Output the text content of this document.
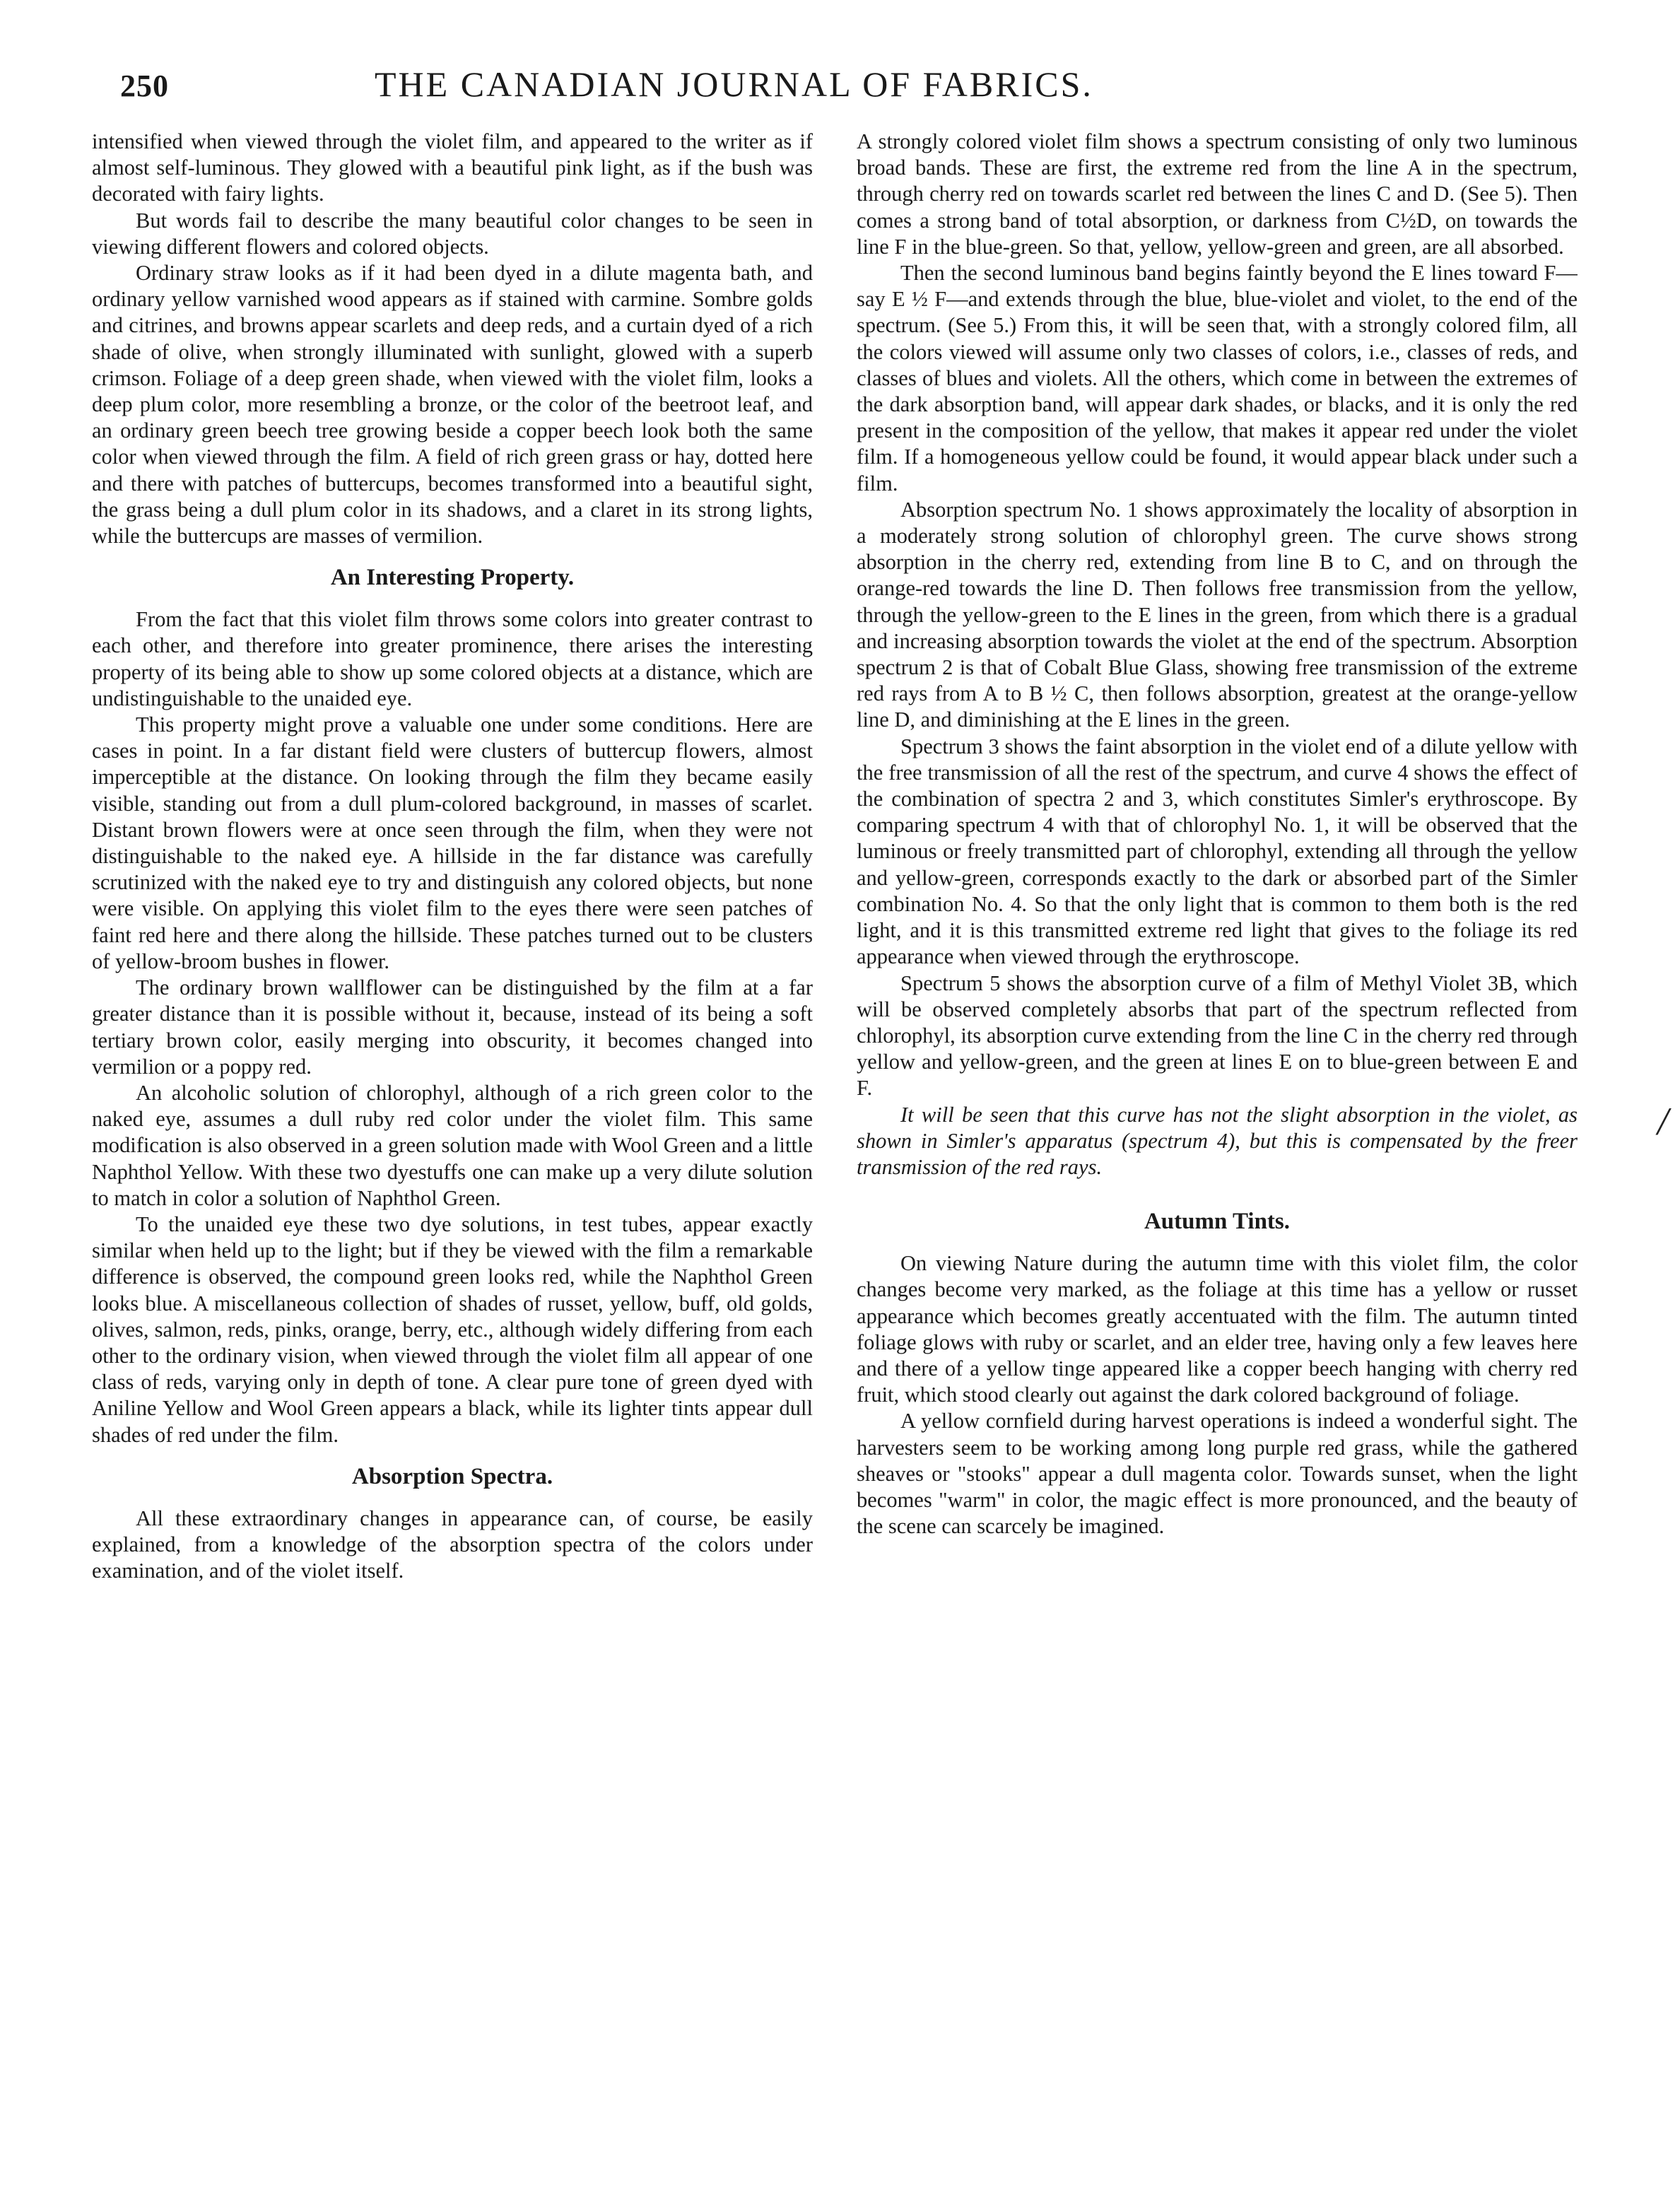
250	THE CANADIAN JOURNAL OF FABRICS.

intensified when viewed through the violet film, and appeared to the writer as if almost self-luminous. They glowed with a beautiful pink light, as if the bush was decorated with fairy lights.

But words fail to describe the many beautiful color changes to be seen in viewing different flowers and colored objects.

Ordinary straw looks as if it had been dyed in a dilute magenta bath, and ordinary yellow varnished wood appears as if stained with carmine. Sombre golds and citrines, and browns appear scarlets and deep reds, and a curtain dyed of a rich shade of olive, when strongly illuminated with sunlight, glowed with a superb crimson. Foliage of a deep green shade, when viewed with the violet film, looks a deep plum color, more resembling a bronze, or the color of the beetroot leaf, and an ordinary green beech tree growing beside a copper beech look both the same color when viewed through the film. A field of rich green grass or hay, dotted here and there with patches of buttercups, becomes transformed into a beautiful sight, the grass being a dull plum color in its shadows, and a claret in its strong lights, while the buttercups are masses of vermilion.

An Interesting Property.

From the fact that this violet film throws some colors into greater contrast to each other, and therefore into greater prominence, there arises the interesting property of its being able to show up some colored objects at a distance, which are undistinguishable to the unaided eye.

This property might prove a valuable one under some conditions. Here are cases in point. In a far distant field were clusters of buttercup flowers, almost imperceptible at the distance. On looking through the film they became easily visible, standing out from a dull plum-colored background, in masses of scarlet. Distant brown flowers were at once seen through the film, when they were not distinguishable to the naked eye. A hillside in the far distance was carefully scrutinized with the naked eye to try and distinguish any colored objects, but none were visible. On applying this violet film to the eyes there were seen patches of faint red here and there along the hillside. These patches turned out to be clusters of yellow-broom bushes in flower.

The ordinary brown wallflower can be distinguished by the film at a far greater distance than it is possible without it, because, instead of its being a soft tertiary brown color, easily merging into obscurity, it becomes changed into vermilion or a poppy red.

An alcoholic solution of chlorophyl, although of a rich green color to the naked eye, assumes a dull ruby red color under the violet film. This same modification is also observed in a green solution made with Wool Green and a little Naphthol Yellow. With these two dyestuffs one can make up a very dilute solution to match in color a solution of Naphthol Green.

To the unaided eye these two dye solutions, in test tubes, appear exactly similar when held up to the light; but if they be viewed with the film a remarkable difference is observed, the compound green looks red, while the Naphthol Green looks blue. A miscellaneous collection of shades of russet, yellow, buff, old golds, olives, salmon, reds, pinks, orange, berry, etc., although widely differing from each other to the ordinary vision, when viewed through the violet film all appear of one class of reds, varying only in depth of tone. A clear pure tone of green dyed with Aniline Yellow and Wool Green appears a black, while its lighter tints appear dull shades of red under the film.

Absorption Spectra.

All these extraordinary changes in appearance can, of course, be easily explained, from a knowledge of the absorption spectra of the colors under examination, and of the violet itself.

A strongly colored violet film shows a spectrum consisting of only two luminous broad bands. These are first, the extreme red from the line A in the spectrum, through cherry red on towards scarlet red between the lines C and D. (See 5). Then comes a strong band of total absorption, or darkness from C½D, on towards the line F in the blue-green. So that, yellow, yellow-green and green, are all absorbed.

Then the second luminous band begins faintly beyond the E lines toward F—say E ½ F—and extends through the blue, blue-violet and violet, to the end of the spectrum. (See 5.) From this, it will be seen that, with a strongly colored film, all the colors viewed will assume only two classes of colors, i.e., classes of reds, and classes of blues and violets. All the others, which come in between the extremes of the dark absorption band, will appear dark shades, or blacks, and it is only the red present in the composition of the yellow, that makes it appear red under the violet film. If a homogeneous yellow could be found, it would appear black under such a film.

Absorption spectrum No. 1 shows approximately the locality of absorption in a moderately strong solution of chlorophyl green. The curve shows strong absorption in the cherry red, extending from line B to C, and on through the orange-red towards the line D. Then follows free transmission from the yellow, through the yellow-green to the E lines in the green, from which there is a gradual and increasing absorption towards the violet at the end of the spectrum. Absorption spectrum 2 is that of Cobalt Blue Glass, showing free transmission of the extreme red rays from A to B ½ C, then follows absorption, greatest at the orange-yellow line D, and diminishing at the E lines in the green.

Spectrum 3 shows the faint absorption in the violet end of a dilute yellow with the free transmission of all the rest of the spectrum, and curve 4 shows the effect of the combination of spectra 2 and 3, which constitutes Simler's erythroscope. By comparing spectrum 4 with that of chlorophyl No. 1, it will be observed that the luminous or freely transmitted part of chlorophyl, extending all through the yellow and yellow-green, corresponds exactly to the dark or absorbed part of the Simler combination No. 4. So that the only light that is common to them both is the red light, and it is this transmitted extreme red light that gives to the foliage its red appearance when viewed through the erythroscope.

Spectrum 5 shows the absorption curve of a film of Methyl Violet 3B, which will be observed completely absorbs that part of the spectrum reflected from chlorophyl, its absorption curve extending from the line C in the cherry red through yellow and yellow-green, and the green at lines E on to blue-green between E and F.

It will be seen that this curve has not the slight absorption in the violet, as shown in Simler's apparatus (spectrum 4), but this is compensated by the freer transmission of the red rays.

Autumn Tints.

On viewing Nature during the autumn time with this violet film, the color changes become very marked, as the foliage at this time has a yellow or russet appearance which becomes greatly accentuated with the film. The autumn tinted foliage glows with ruby or scarlet, and an elder tree, having only a few leaves here and there of a yellow tinge appeared like a copper beech hanging with cherry red fruit, which stood clearly out against the dark colored background of foliage.

A yellow cornfield during harvest operations is indeed a wonderful sight. The harvesters seem to be working among long purple red grass, while the gathered sheaves or "stooks" appear a dull magenta color. Towards sunset, when the light becomes "warm" in color, the magic effect is more pronounced, and the beauty of the scene can scarcely be imagined.

/
